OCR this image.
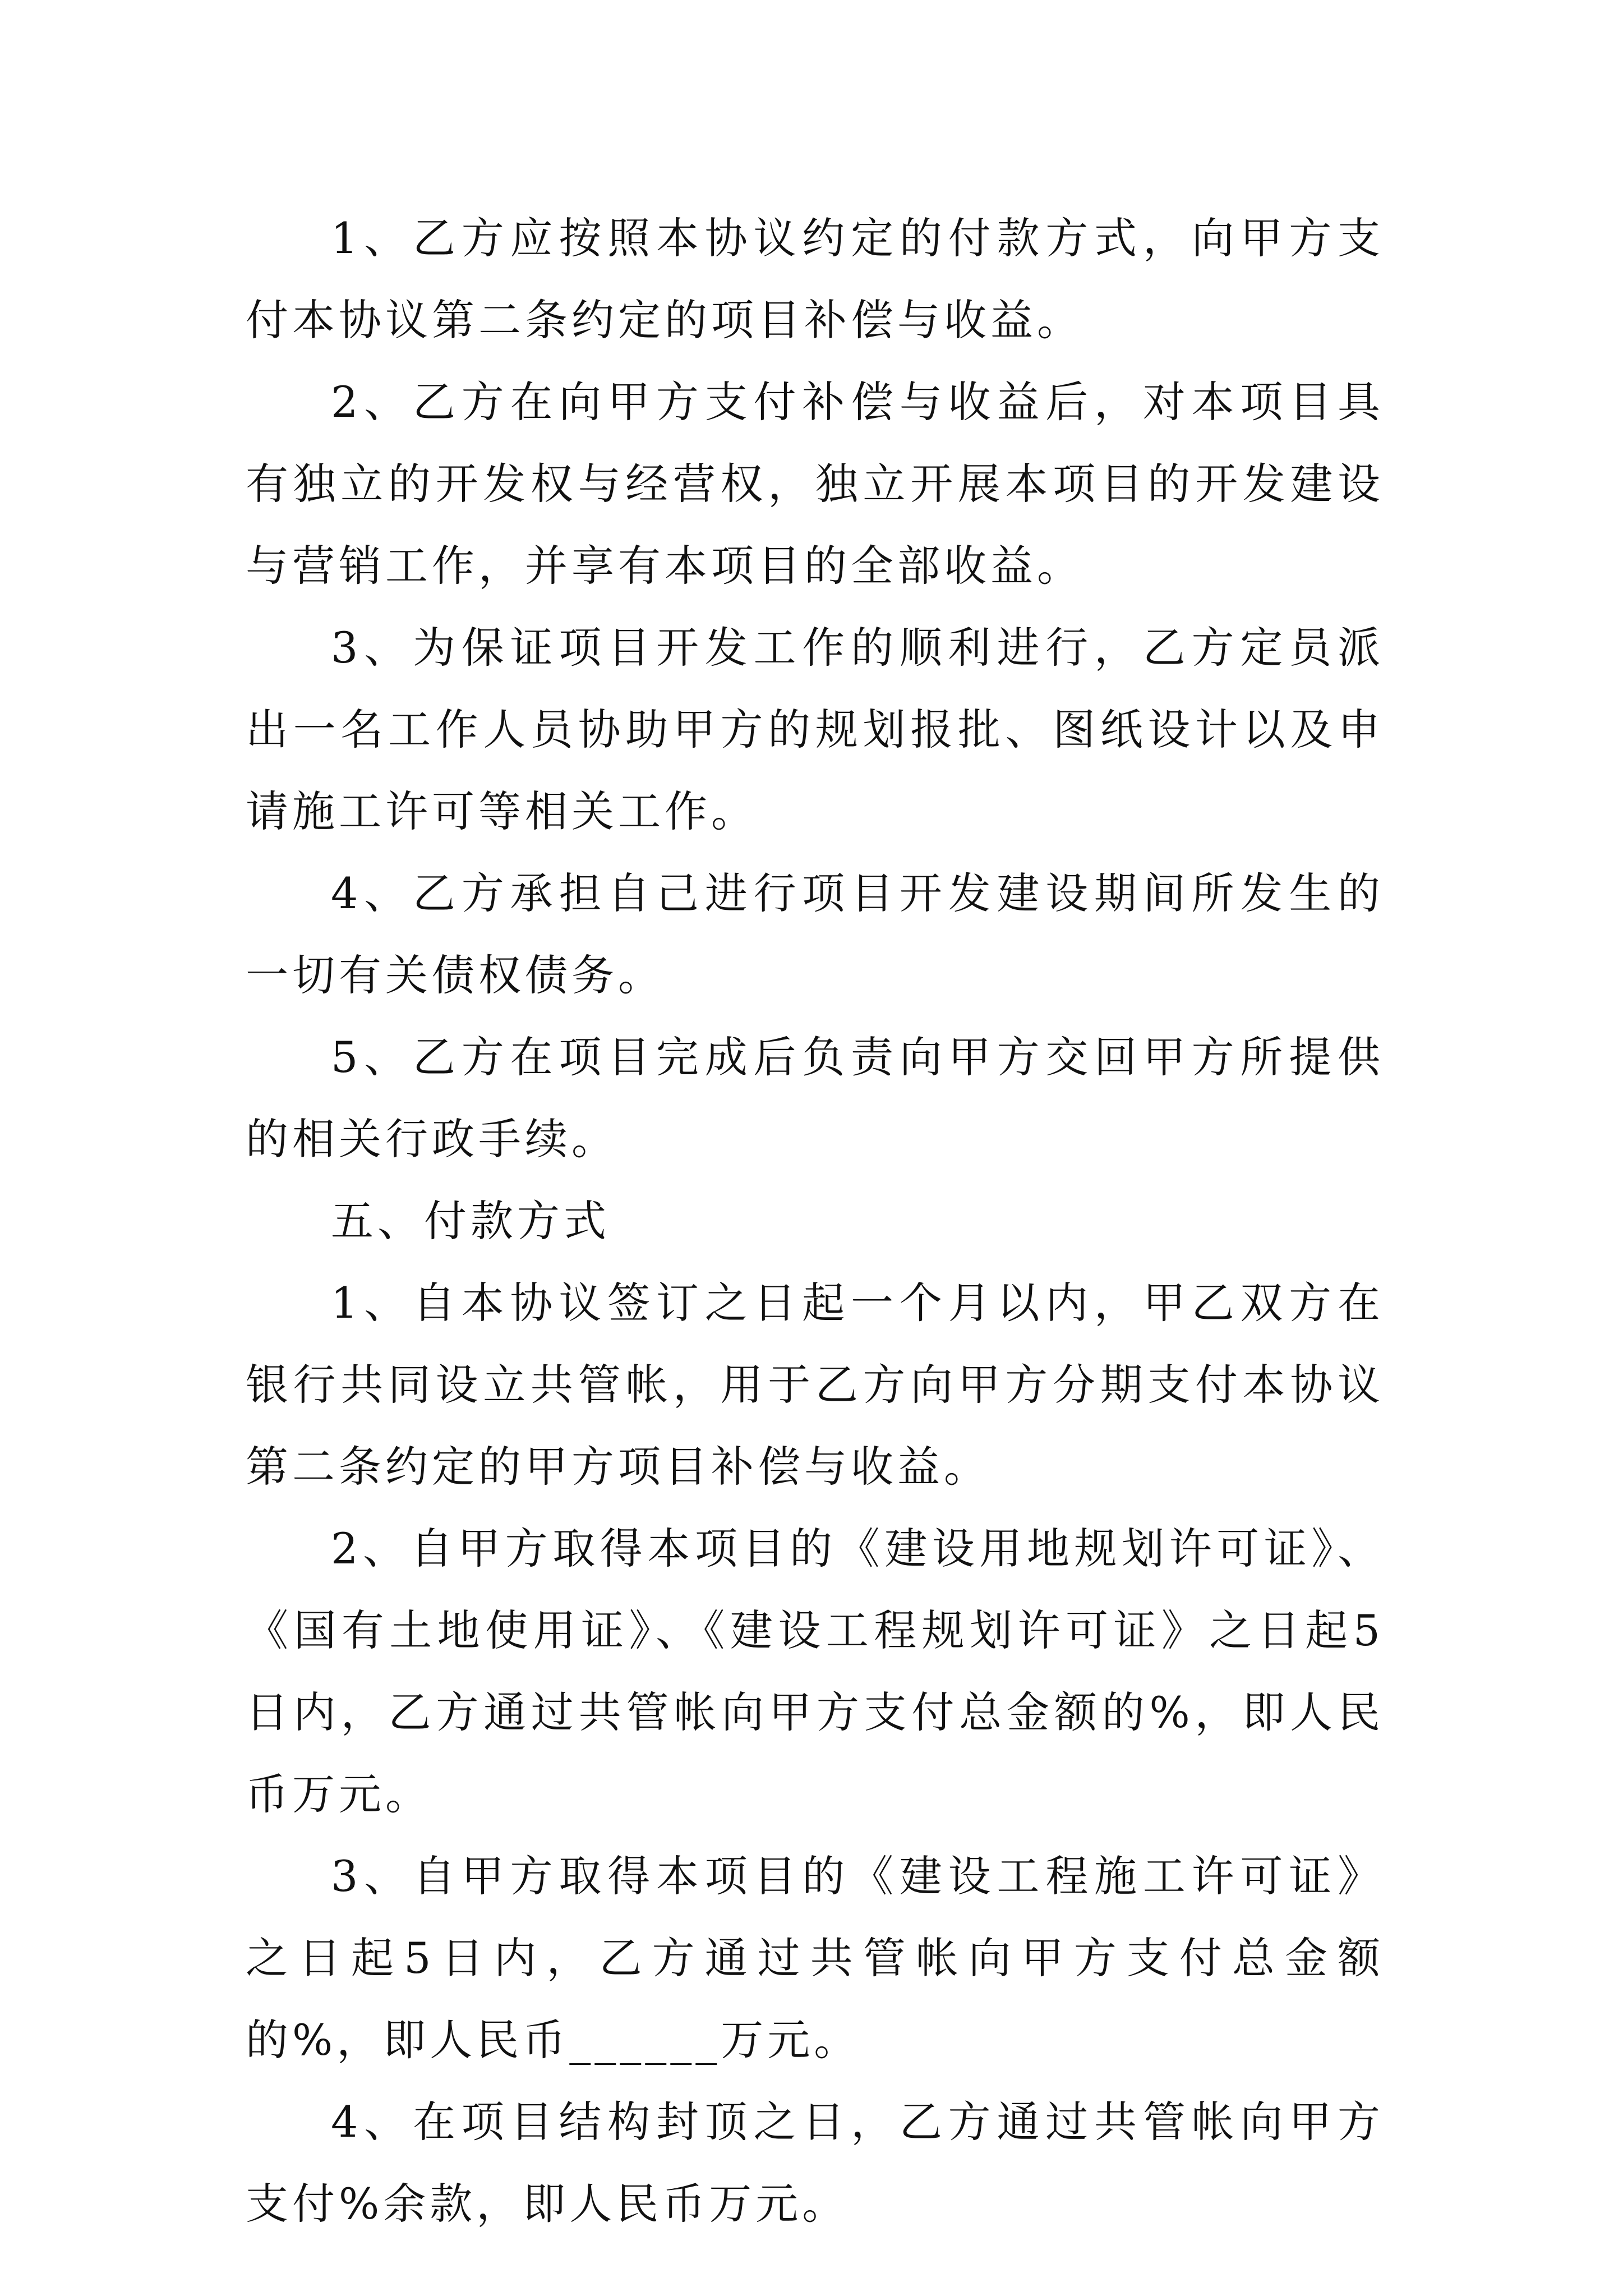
1、乙方应按照本协议约定的付款方式，向甲方支付本协议第二条约定的项目补偿与收益。

2、乙方在向甲方支付补偿与收益后，对本项目具有独立的开发权与经营权，独立开展本项目的开发建设与营销工作，并享有本项目的全部收益。

3、为保证项目开发工作的顺利进行，乙方定员派出一名工作人员协助甲方的规划报批、图纸设计以及申请施工许可等相关工作。

4、乙方承担自己进行项目开发建设期间所发生的一切有关债权债务。

5、乙方在项目完成后负责向甲方交回甲方所提供的相关行政手续。

五、付款方式

1、自本协议签订之日起一个月以内，甲乙双方在银行共同设立共管帐，用于乙方向甲方分期支付本协议第二条约定的甲方项目补偿与收益。

2、自甲方取得本项目的《建设用地规划许可证》、《国有土地使用证》、《建设工程规划许可证》之日起5日内，乙方通过共管帐向甲方支付总金额的%，即人民币万元。

3、自甲方取得本项目的《建设工程施工许可证》之日起5日内，乙方通过共管帐向甲方支付总金额的%，即人民币______万元。

4、在项目结构封顶之日，乙方通过共管帐向甲方支付%余款，即人民币万元。
